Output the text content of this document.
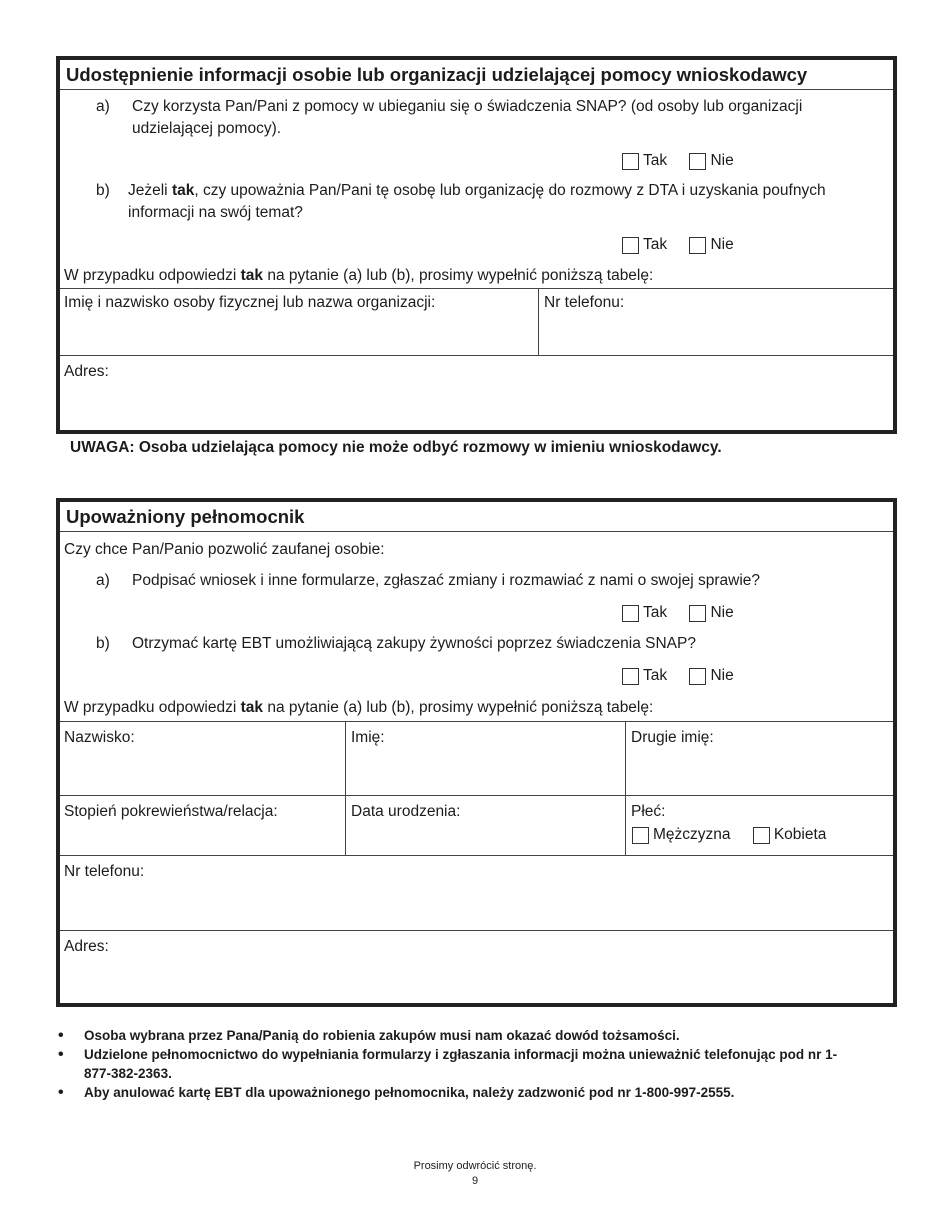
Udostępnienie informacji osobie lub organizacji udzielającej pomocy wnioskodawcy
a) Czy korzysta Pan/Pani z pomocy w ubieganiu się o świadczenia SNAP? (od osoby lub organizacji udzielającej pomocy).
Tak
	Nie
b) Jeżeli tak, czy upoważnia Pan/Pani tę osobę lub organizację do rozmowy z DTA i uzyskania poufnych informacji na swój temat?
Tak
	Nie
W przypadku odpowiedzi tak na pytanie (a) lub (b), prosimy wypełnić poniższą tabelę:
Imię i nazwisko osoby fizycznej lub nazwa organizacji:	Nr telefonu:
Adres:
UWAGA: Osoba udzielająca pomocy nie może odbyć rozmowy w imieniu wnioskodawcy.
Upoważniony pełnomocnik
Czy chce Pan/Panio pozwolić zaufanej osobie:
a) Podpisać wniosek i inne formularze, zgłaszać zmiany i rozmawiać z nami o swojej sprawie?
Tak
	Nie
b) Otrzymać kartę EBT umożliwiającą zakupy żywności poprzez świadczenia SNAP?
Tak
	Nie
W przypadku odpowiedzi tak na pytanie (a) lub (b), prosimy wypełnić poniższą tabelę:
Nazwisko:	Imię:	Drugie imię:
Stopień pokrewieństwa/relacja:	Data urodzenia:	Płeć:
Mężczyzna
	Kobieta
Nr telefonu:
Adres:
• Osoba wybrana przez Pana/Panią do robienia zakupów musi nam okazać dowód tożsamości.
• Udzielone pełnomocnictwo do wypełniania formularzy i zgłaszania informacji można unieważnić telefonując pod nr 1-877-382-2363.
• Aby anulować kartę EBT dla upoważnionego pełnomocnika, należy zadzwonić pod nr 1-800-997-2555.
Prosimy odwrócić stronę.
9
